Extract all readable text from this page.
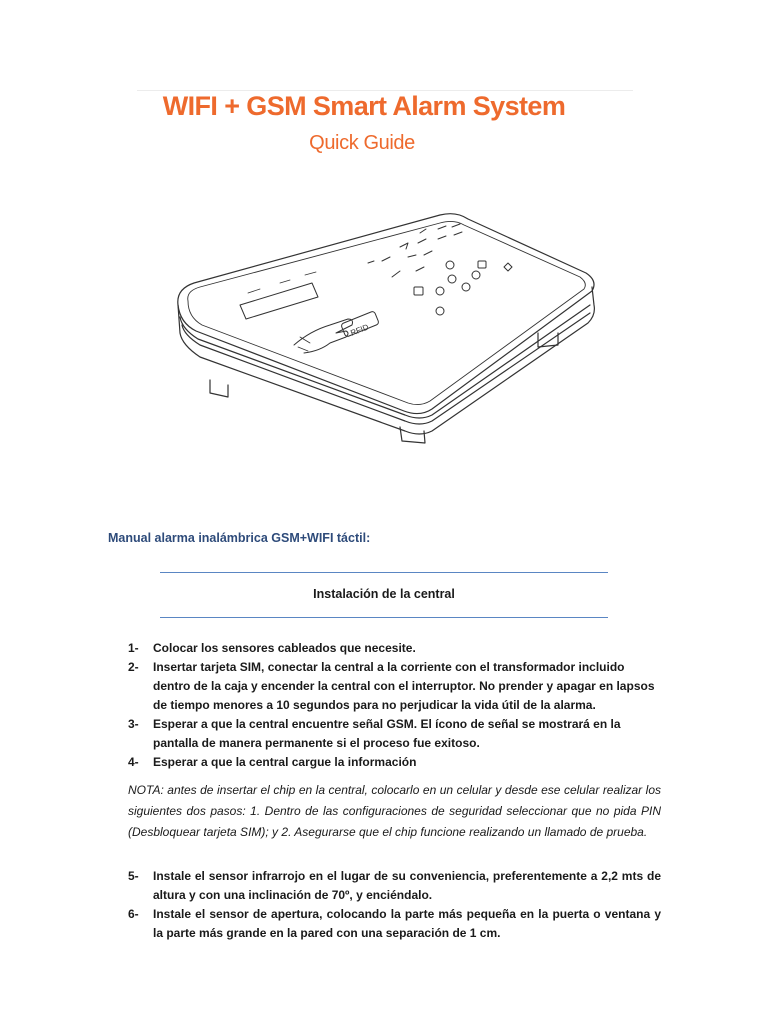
WIFI + GSM Smart Alarm System
Quick Guide
RFID
Manual alarma inalámbrica GSM+WIFI táctil:
Instalación de la central
1-	Colocar los sensores cableados que necesite.
2-	Insertar tarjeta SIM, conectar la central a la corriente con el transformador incluido dentro de la caja y encender la central con el interruptor. No prender y apagar en lapsos de tiempo menores a 10 segundos para no perjudicar la vida útil de la alarma.
3-	Esperar a que la central encuentre señal GSM. El ícono de señal se mostrará en la pantalla de manera permanente si el proceso fue exitoso.
4-	Esperar a que la central cargue la información
NOTA: antes de insertar el chip en la central, colocarlo en un celular y desde ese celular realizar los siguientes dos pasos: 1. Dentro de las configuraciones de seguridad seleccionar que no pida PIN (Desbloquear tarjeta SIM); y 2. Asegurarse que el chip funcione realizando un llamado de prueba.
5-	Instale el sensor infrarrojo en el lugar de su conveniencia, preferentemente a 2,2 mts de altura y con una inclinación de 70º, y enciéndalo.
6-	Instale el sensor de apertura, colocando la parte más pequeña en la puerta o ventana y la parte más grande en la pared con una separación de 1 cm.
